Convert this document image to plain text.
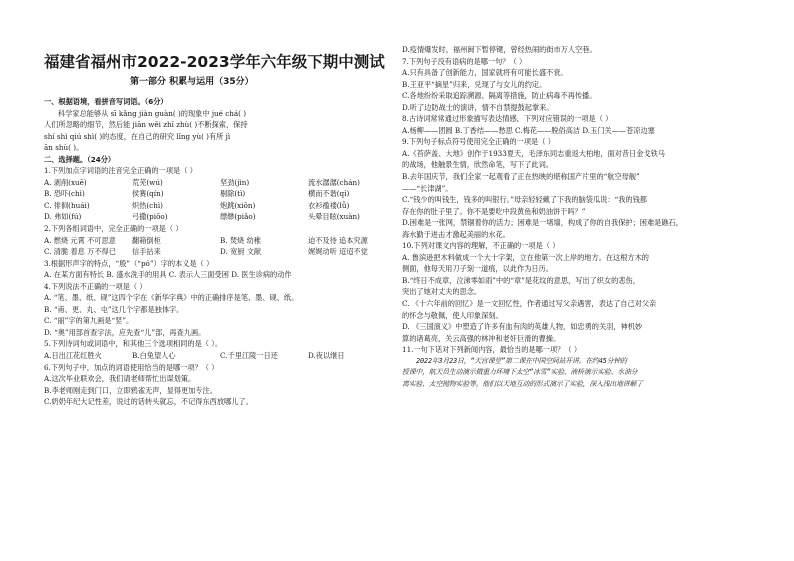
福建省福州市2022-2023学年六年级下期中测试
第一部分 积累与运用（35分）
一、根据语境，看拼音写词语。（6分）
科学家总能够从 sī kǎng jiàn guàn( )的现象中 jué chá( )
人们所忽略的细节，然后能 jiān wěi zhī zhù( )不断探索，保持
shí shì qiú shì( )的态度，在自己的研究 lǐng yù( )有所 jì
ān shù( )。
二、选择题。（24分）
1.下列加点字词语的注音完全正确的一项是（ ）
A. 剥削(xuē)	荒芜(wú)	坚劲(jìn)	流水潺潺(chán)
B. 恐吓(chì)	侯赛(qín)	剔除(tì)	横而不谐(qí)
C. 徘徊(huái)	炽热(chì)	炮跳(xiōn)	衣衫褴褛(lǚ)
D. 弗如(fú)	弓撒(piōo)	缥缈(piǎo)	头晕目眩(xuàn)
2.下列各组词语中，完全正确的一项是（ ）
A. 燃烧 元霄 不可思意	翻箱倒柜	B. 焚烧 幼稚	迫不及待 追本究源
C. 清脆 着息 万不得已	信手拈来	D. 宽厨 文献	娓娓动听 迢迢不觉
3.根据形声字的特点，“殷”（“pó”）字的本义是（ ）
A. 在某方面有特长 B. 盛水洗手的用具 C. 表示人三面受困 D. 医生诊病的动作
4.下列说法不正确的一项是（ ）
A. “笔、墨、纸、砚”这四个字在《新华字典》中的正确排序是笔、墨、砚、纸。
B. “甫、更、丸、屯”这几个字都是独体字。
C. “丽”字的第九画是“竖”。
D. “奥”用部首查字法，应先查“儿”部，再查九画。
5.下列诗词句或词语中，和其他三个选项相同的是（ ）。
A.日出江花红胜火	B.白兔望人心	C.千里江陵一日还	D.夜以继日
6.下列句子中，加点的词语使用恰当的是哪一项？（ ）
A.这次毕业联欢会，我们请老师帮忙出谋划策。
B.李老师刚走到门口，立即鸦雀无声，显得更加专注。
C.奶奶年纪大记性差，说过的话转头就忘，不记得东西放哪儿了。
D.疫情爆发时，福州闽下暂停键，曾经热闹的街市万人空巷。
7.下列句子没有语病的是哪一句？（ ）
A.只有具备了创新能力，国家就将有可能长盛不衰。
B.王亚平“摘星”归来，兑现了与女儿的约定。
C.各地纷纷采取追踪溯源、隔离等措施，防止病毒不再传播。
D.听了边防战士的演讲，情不自禁提鼓起掌来。
8.古诗词常常通过形象描写表达情感，下列对应错误的一项是（ ）
A.杨柳——团圆 B.丁香结——愁思 C.梅花——脱俗高洁 D.玉门关——苍凉边塞
9.下列句子标点符号使用完全正确的一项是（ ）
A.《苔萨盖、大地》创作于1933夏天，毛泽东同志重返大柏地，面对昔日金戈铁马
的战场，他触景生情，欣然命笔，写下了此词。
B.去年国庆节，我们全家一起观看了正在热映的堪称国产片里的“航空母舰”
——“长津湖”。
C.“钱少的叫钱生，钱多的叫银行。”母亲轻轻戴了下我的脑袋瓜说：“我的钱都
存在你的肚子里了。你不是要吃中段黄鱼和奶油饼干吗？”
D.困难是一张网，禁锢着你的活力；困难是一堵墙，构成了你的自我保护；困难是礁石，
海水勤于进击才激起美丽的水花。
10.下列对课文内容的理解，不正确的一项是（ ）
A. 鲁滨逊把木料做成一个大十字架，立在他第一次上岸的地方。在这根方木的
侧面，他每天用刀子刻一道痕，以此作为日历。
B.“终日不成章，泣涕零如雨”中的“章”是花纹的意思，写出了织女的悲伤，
突出了她对丈夫的思念。
C. 《十六年前的回忆》是一文回忆性，作者通过写父亲遇害，表达了自己对父亲
的怀念与敬佩，使人印象深刻。
D. 《三国演义》中塑造了许多有血有肉的英雄人物，如忠勇的关羽，神机妙
算的诸葛亮，关云高强的林冲和老奸巨滑的曹操。
11.一句下话对下列新闻内容，最恰当的是哪一项？（ ）
2022年3月23日，“天宫课堂”第二课在中国空间站开讲。在约45分钟的
授课中，航天员生动演示微重力环境下太空“冰雪”实验、液桥演示实验、水油分
离实验、太空抛物实验等。他们以天地互动的形式演示了实验，深入浅出地讲解了
